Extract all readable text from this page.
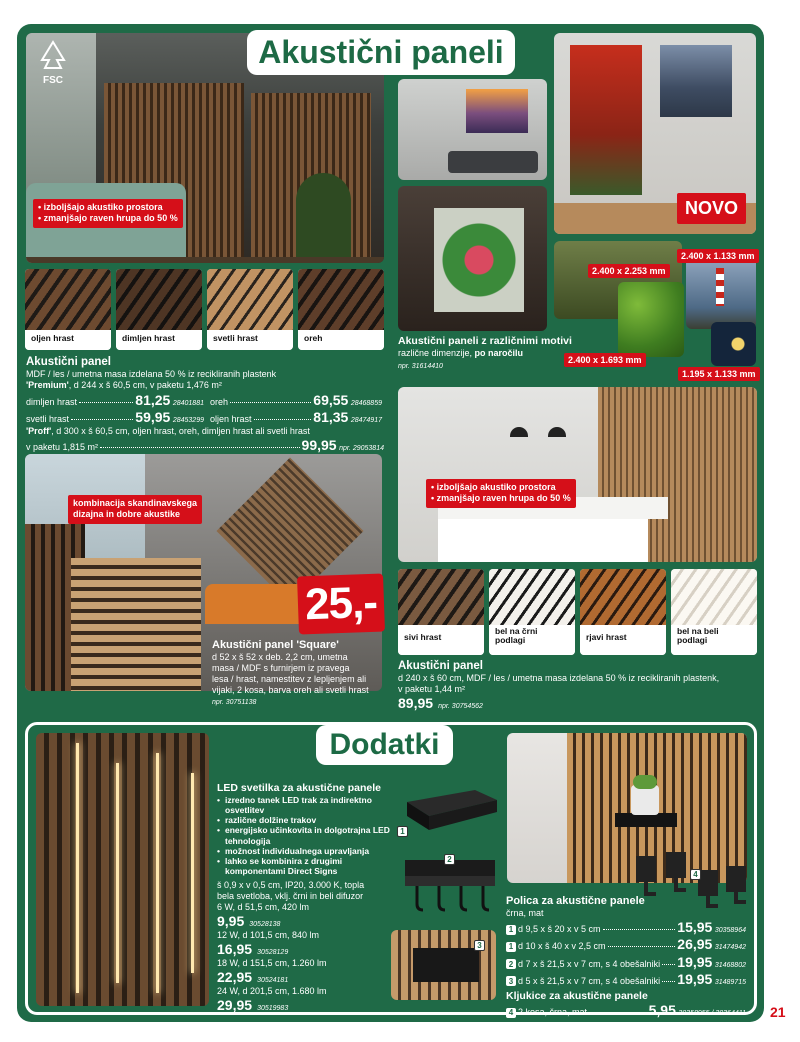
FSC
• izboljšajo akustiko prostora
• zmanjšajo raven hrupa do 50 %
Akustični paneli
oljen hrast	dimljen hrast	svetli hrast	oreh
Akustični panel
MDF / les / umetna masa izdelana 50 % iz recikliranih plastenk
'Premium', d 244 x š 60,5 cm, v paketu 1,476 m²
dimljen hrast	81,25
28401881
svetli hrast	59,95
28453299
oreh	69,55
28468859
oljen hrast	81,35
28474917
'Proff', d 300 x š 60,5 cm, oljen hrast, oreh, dimljen hrast ali svetli hrast
v paketu 1,815 m²	99,95
npr. 29053814
NOVO
2.400 x 1.133 mm
2.400 x 2.253 mm
2.400 x 1.693 mm
1.195 x 1.133 mm
Akustični paneli z različnimi motivi
različne dimenzije, po naročilu
npr. 31614410
• izboljšajo akustiko prostora
• zmanjšajo raven hrupa do 50 %
kombinacija skandinavskega
dizajna in dobre akustike
25,-
Akustični panel 'Square'
d 52 x š 52 x deb. 2,2 cm, umetna
masa / MDF s furnirjem iz pravega
lesa / hrast, namestitev z lepljenjem ali
vijaki, 2 kosa, barva oreh ali svetli hrast
npr. 30751138
sivi hrast
bel na črni podlagi	rjavi hrast
bel na beli podlagi
Akustični panel
d 240 x š 60 cm, MDF / les / umetna masa izdelana 50 % iz recikliranih plastenk,
v paketu 1,44 m²
89,95 npr. 30754562
Dodatki
LED svetilka za akustične panele
• izredno tanek LED trak za indirektno osvetlitev
• različne dolžine trakov
• energijsko učinkovita in dolgotrajna LED tehnologija
• možnost individualnega upravljanja
• lahko se kombinira z drugimi komponentami Direct Signs
š 0,9 x v 0,5 cm, IP20, 3.000 K, topla
bela svetloba, vklj. črni in beli difuzor
6 W, d 51,5 cm, 420 lm
9,95 30528138
12 W, d 101,5 cm, 840 lm
16,95 30528129
18 W, d 151,5 cm, 1.260 lm
22,95 30524181
24 W, d 201,5 cm, 1.680 lm
29,95 30519983
1
2
3
4
Polica za akustične panele
črna, mat
1 d 9,5 x š 20 x v 5 cm	15,95
30358964
1 d 10 x š 40 x v 2,5 cm	26,95
31474942
2 d 7 x š 21,5 x v 7 cm, s 4 obešalniki 19,95
31468802
3 d 5 x š 21,5 x v 7 cm, s 4 obešalniki 19,95
31489715
Kljukice za akustične panele
4 2 kosa, črna, mat	5,95
30358955 / 30364411 21
